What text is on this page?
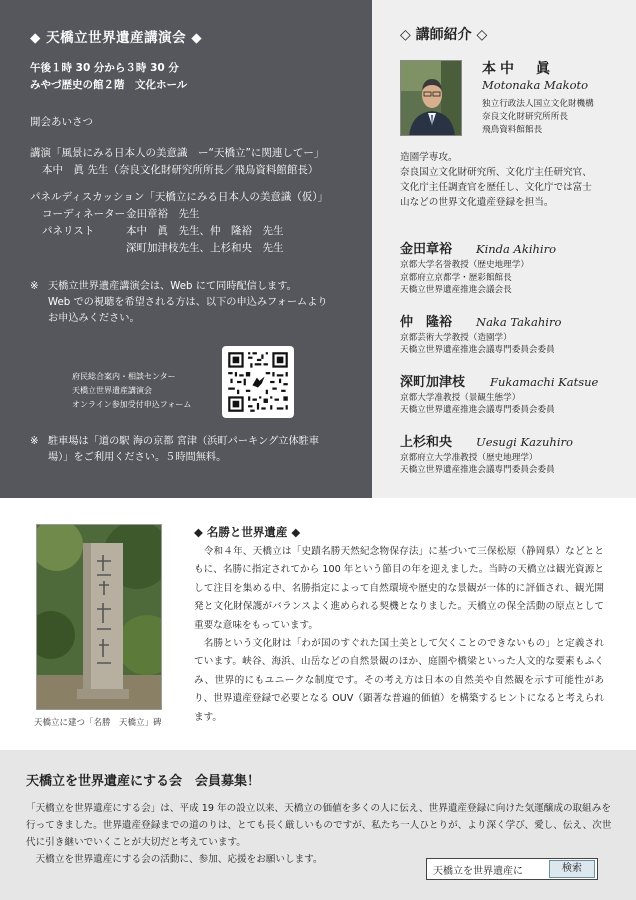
◆ 天橋立世界遺産講演会 ◆
午後１時 30 分から３時 30 分
みやづ歴史の館２階　文化ホール
開会あいさつ
講演「風景にみる日本人の美意識　ー“天橋立”に関連してー」
本中　眞 先生（奈良文化財研究所所長／飛鳥資料館館長）
パネルディスカッション「天橋立にみる日本人の美意識（仮）」
コーディネーター 金田章裕　先生
パネリスト	本中　眞　先生、仲　隆裕　先生
深町加津枝先生、上杉和央　先生
※ 天橋立世界遺産講演会は、Web にて同時配信します。
Web での視聴を希望される方は、以下の申込みフォームより
お申込みください。
府民総合案内・相談センター
天橋立世界遺産講演会
オンライン参加受付申込フォーム
※ 駐車場は「道の駅 海の京都 宮津（浜町パーキング立体駐車
場）」をご利用ください。５時間無料。
◇ 講師紹介 ◇
本中　眞
Motonaka Makoto
独立行政法人国立文化財機構
奈良文化財研究所所長
飛鳥資料館館長
造園学専攻。
奈良国立文化財研究所、文化庁主任研究官、
文化庁主任調査官を歴任し、文化庁では富士
山などの世界文化遺産登録を担当。
金田章裕	Kinda Akihiro
京都大学名誉教授（歴史地理学）
京都府立京都学・歴彩館館長
天橋立世界遺産推進会議会長
仲　隆裕	Naka Takahiro
京都芸術大学教授（造園学）
天橋立世界遺産推進会議専門委員会委員
深町加津枝	Fukamachi Katsue
京都大学准教授（景観生態学）
天橋立世界遺産推進会議専門委員会委員
上杉和央	Uesugi Kazuhiro
京都府立大学准教授（歴史地理学）
天橋立世界遺産推進会議専門委員会委員
天橋立に建つ「名勝　天橋立」碑
◆ 名勝と世界遺産 ◆

　令和４年、天橋立は「史蹟名勝天然紀念物保存法」に基づいて三保松原（静岡県）などとともに、名勝に指定されてから 100 年という節目の年を迎えました。当時の天橋立は観光資源として注目を集める中、名勝指定によって自然環境や歴史的な景観が一体的に評価され、観光開発と文化財保護がバランスよく進められる契機となりました。天橋立の保全活動の原点として重要な意味をもっています。

　名勝という文化財は「わが国のすぐれた国土美として欠くことのできないもの」と定義されています。峡谷、海浜、山岳などの自然景観のほか、庭園や橋梁といった人文的な要素もふくみ、世界的にもユニークな制度です。その考え方は日本の自然美や自然観を示す可能性があり、世界遺産登録で必要となる OUV（顕著な普遍的価値）を構築するヒントになると考えられます。

天橋立を世界遺産にする会　会員募集！
「天橋立を世界遺産にする会」は、平成 19 年の設立以来、天橋立の価値を多くの人に伝え、世界遺産登録に向けた気運醸成の取組みを行ってきました。世界遺産登録までの道のりは、とても長く厳しいものですが、私たち一人ひとりが、より深く学び、愛し、伝え、次世代に引き継いでいくことが大切だと考えています。
　天橋立を世界遺産にする会の活動に、参加、応援をお願いします。
天橋立を世界遺産に
検索
